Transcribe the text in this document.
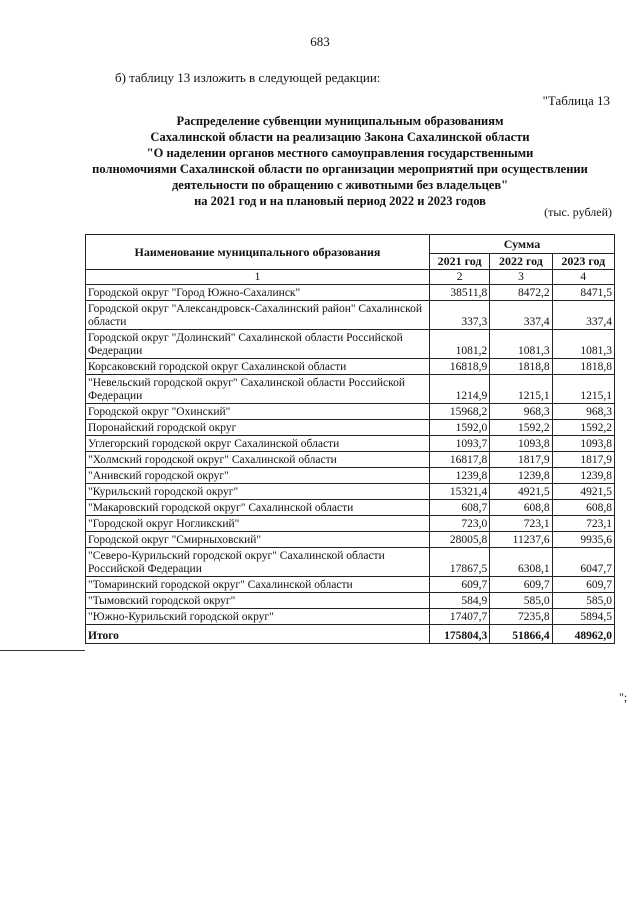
683
б) таблицу 13 изложить в следующей редакции:
"Таблица 13
Распределение субвенции муниципальным образованиям
Сахалинской области на реализацию Закона Сахалинской области
"О наделении органов местного самоуправления государственными
полномочиями Сахалинской области по организации мероприятий при осуществлении
деятельности по обращению с животными без владельцев"
на 2021 год и на плановый период 2022 и 2023 годов
(тыс. рублей)
Наименование муниципального образования	Сумма		
	2021 год	2022 год	2023 год
1	2	3	4
Городской округ "Город Южно-Сахалинск"	38511,8	8472,2	8471,5
Городской округ "Александровск-Сахалинский район" Сахалинской области	337,3	337,4	337,4
Городской округ "Долинский" Сахалинской области Российской Федерации	1081,2	1081,3	1081,3
Корсаковский городской округ Сахалинской области	16818,9	1818,8	1818,8
"Невельский городской округ" Сахалинской области Российской Федерации	1214,9	1215,1	1215,1
Городской округ "Охинский"	15968,2	968,3	968,3
Поронайский городской округ	1592,0	1592,2	1592,2
Углегорский городской округ Сахалинской области	1093,7	1093,8	1093,8
"Холмский городской округ" Сахалинской области	16817,8	1817,9	1817,9
"Анивский городской округ"	1239,8	1239,8	1239,8
"Курильский городской округ"	15321,4	4921,5	4921,5
"Макаровский городской округ" Сахалинской области	608,7	608,8	608,8
"Городской округ Ногликский"	723,0	723,1	723,1
Городской округ "Смирныховский"	28005,8	11237,6	9935,6
"Северо-Курильский городской округ" Сахалинской области Российской Федерации	17867,5	6308,1	6047,7
"Томаринский городской округ" Сахалинской области	609,7	609,7	609,7
"Тымовский городской округ"	584,9	585,0	585,0
"Южно-Курильский городской округ"	17407,7	7235,8	5894,5
Итого	175804,3	51866,4	48962,0
";
